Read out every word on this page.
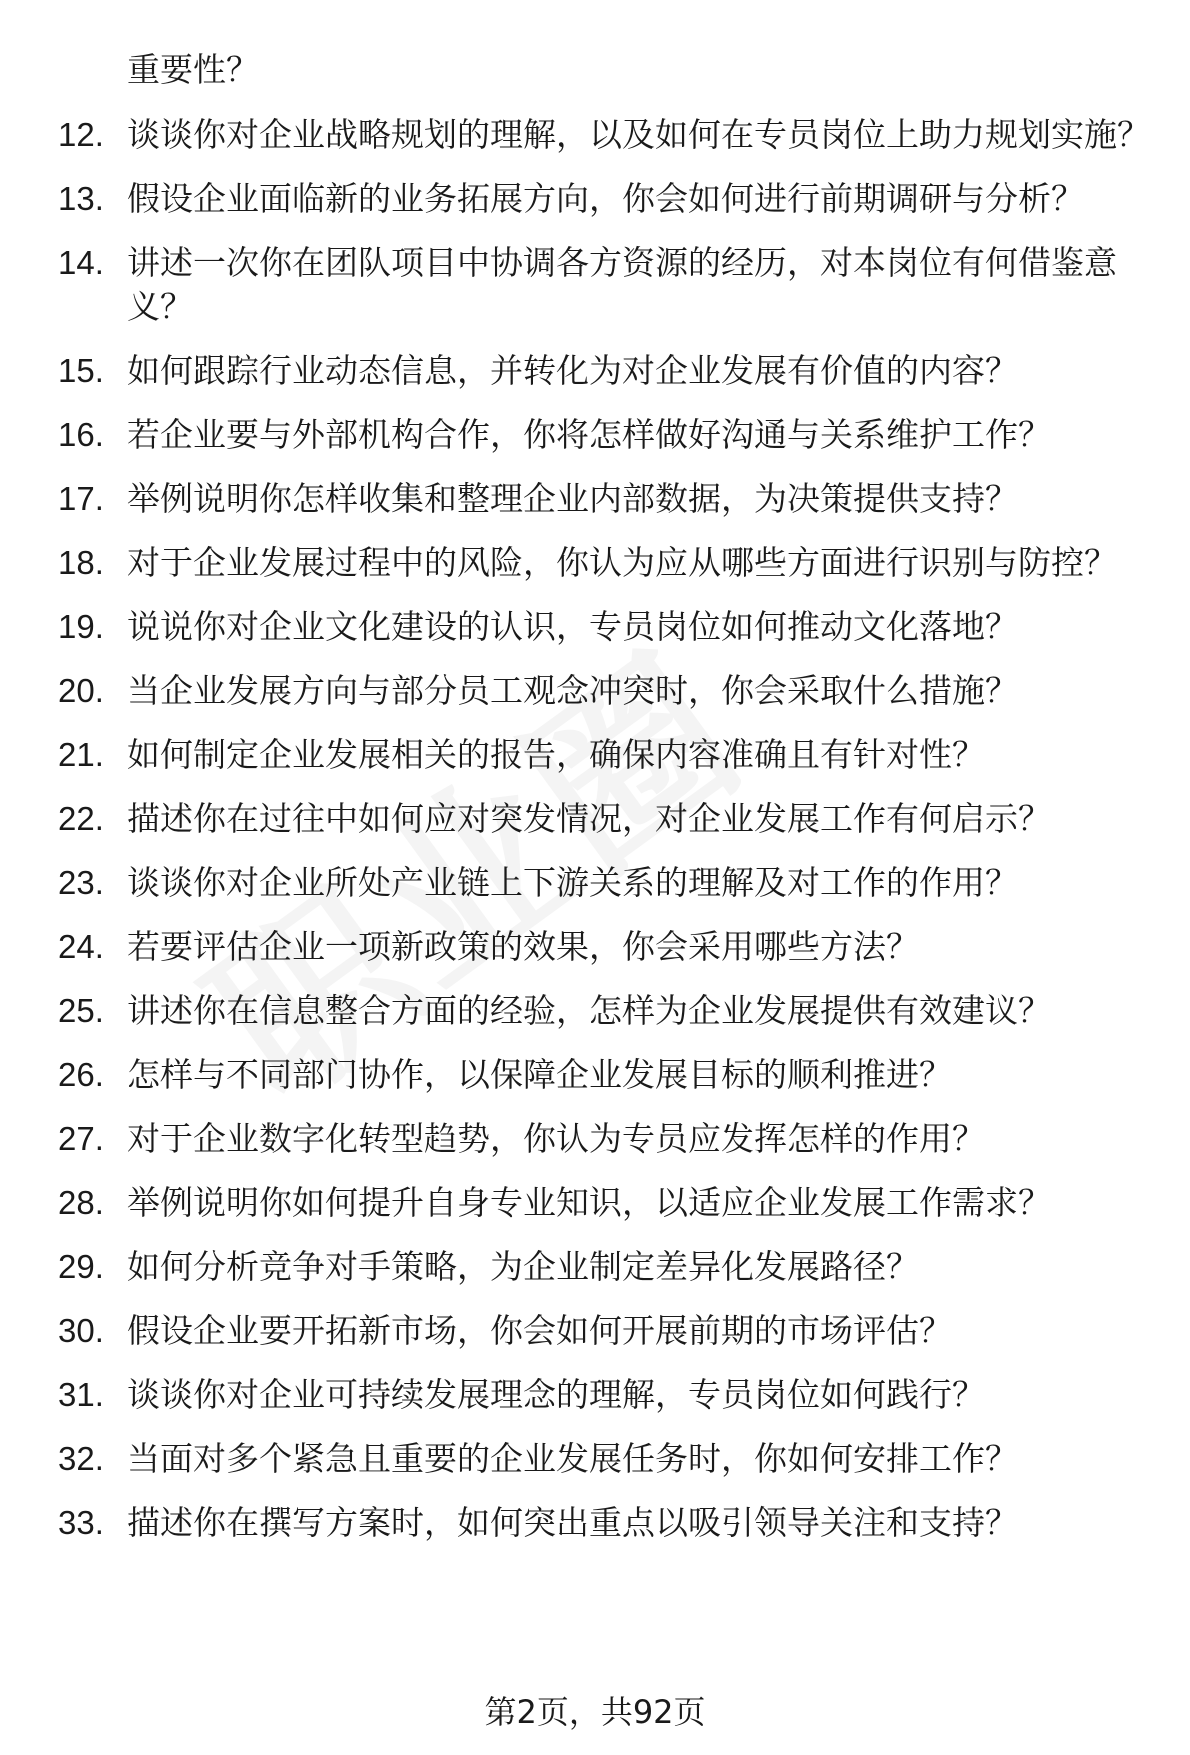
重要性？
12. 谈谈你对企业战略规划的理解，以及如何在专员岗位上助力规划实施？
13. 假设企业面临新的业务拓展方向，你会如何进行前期调研与分析？
14. 讲述一次你在团队项目中协调各方资源的经历，对本岗位有何借鉴意义？
15. 如何跟踪行业动态信息，并转化为对企业发展有价值的内容？
16. 若企业要与外部机构合作，你将怎样做好沟通与关系维护工作？
17. 举例说明你怎样收集和整理企业内部数据，为决策提供支持？
18. 对于企业发展过程中的风险，你认为应从哪些方面进行识别与防控？
19. 说说你对企业文化建设的认识，专员岗位如何推动文化落地？
20. 当企业发展方向与部分员工观念冲突时，你会采取什么措施？
21. 如何制定企业发展相关的报告，确保内容准确且有针对性？
22. 描述你在过往中如何应对突发情况，对企业发展工作有何启示？
23. 谈谈你对企业所处产业链上下游关系的理解及对工作的作用？
24. 若要评估企业一项新政策的效果，你会采用哪些方法？
25. 讲述你在信息整合方面的经验，怎样为企业发展提供有效建议？
26. 怎样与不同部门协作，以保障企业发展目标的顺利推进？
27. 对于企业数字化转型趋势，你认为专员应发挥怎样的作用？
28. 举例说明你如何提升自身专业知识，以适应企业发展工作需求？
29. 如何分析竞争对手策略，为企业制定差异化发展路径？
30. 假设企业要开拓新市场，你会如何开展前期的市场评估？
31. 谈谈你对企业可持续发展理念的理解，专员岗位如何践行？
32. 当面对多个紧急且重要的企业发展任务时，你如何安排工作？
33. 描述你在撰写方案时，如何突出重点以吸引领导关注和支持？
第2页，共92页
